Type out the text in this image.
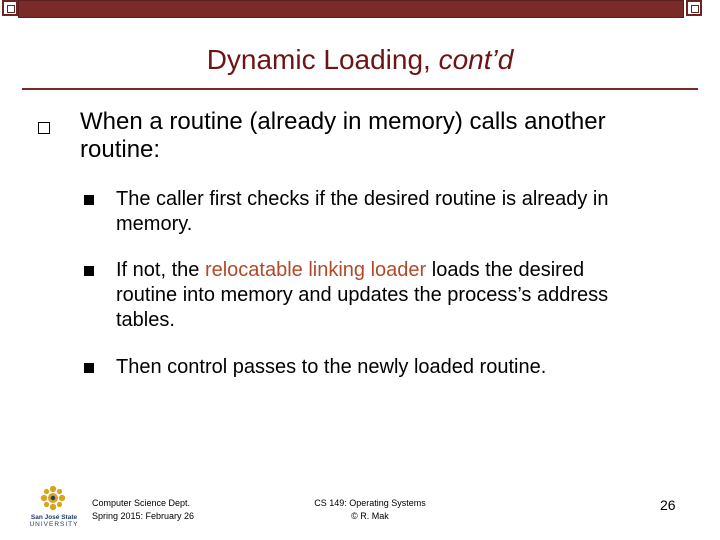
Dynamic Loading, cont’d
When a routine (already in memory) calls another routine:
The caller first checks if the desired routine is already in memory.
If not, the relocatable linking loader loads the desired routine into memory and updates the process’s address tables.
Then control passes to the newly loaded routine.
San José State
UNIVERSITY
Computer Science Dept.
Spring 2015: February 26
CS 149: Operating Systems
© R. Mak
26
